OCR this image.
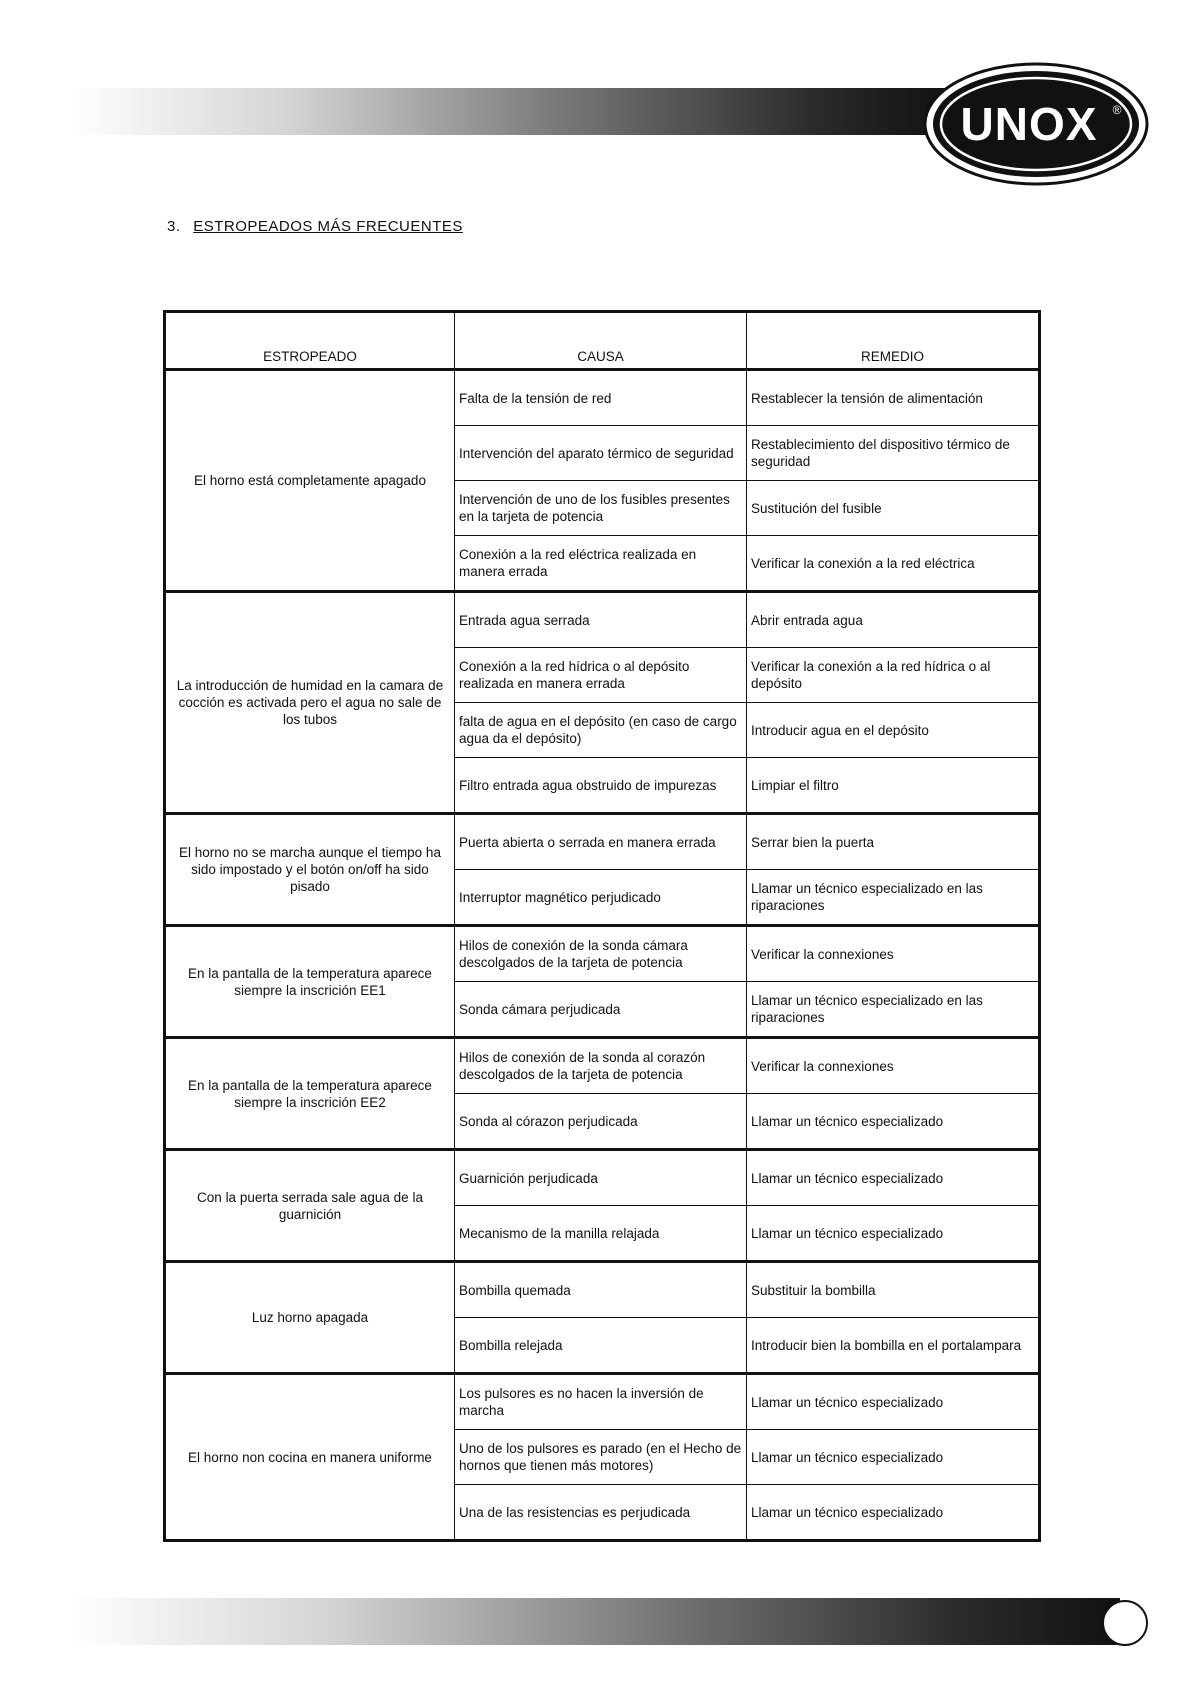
UNOX ®
3. ESTROPEADOS MÁS FRECUENTES
ESTROPEADO	CAUSA	REMEDIO
El horno está completamente apagado	Falta de la tensión de red	Restablecer la tensión de alimentación
	Intervención del aparato térmico de seguridad	Restablecimiento del dispositivo térmico de seguridad
	Intervención de uno de los fusibles presentes en la tarjeta de potencia	Sustitución del fusible
	Conexión a la red eléctrica realizada en manera errada	Verificar la conexión a la red eléctrica
La introducción de humidad en la camara de cocción es activada pero el agua no sale de los tubos	Entrada agua serrada	Abrir entrada agua
	Conexión a la red hídrica o al depósito realizada en manera errada	Verificar la conexión a la red hídrica o al depósito
	falta de agua en el depósito (en caso de cargo agua da el depósito)	Introducir agua en el depósito
	Filtro entrada agua obstruido de impurezas	Limpiar el filtro
El horno no se marcha aunque el tiempo ha sido impostado y el botón on/off ha sido pisado	Puerta abierta o serrada en manera errada	Serrar bien la puerta
	Interruptor magnético perjudicado	Llamar un técnico especializado en las riparaciones
En la pantalla de la temperatura aparece siempre la inscrición EE1	Hilos de conexión de la sonda cámara descolgados de la tarjeta de potencia	Verificar la connexiones
	Sonda cámara perjudicada	Llamar un técnico especializado en las riparaciones
En la pantalla de la temperatura aparece siempre la inscrición EE2	Hilos de conexión de la sonda al corazón descolgados de la tarjeta de potencia	Verificar la connexiones
	Sonda al córazon perjudicada	Llamar un técnico especializado
Con la puerta serrada sale agua de la guarnición	Guarnición perjudicada	Llamar un técnico especializado
	Mecanismo de la manilla relajada	Llamar un técnico especializado
Luz horno apagada	Bombilla quemada	Substituir la bombilla
	Bombilla relejada	Introducir bien la bombilla en el portalampara
El horno non cocina en manera uniforme	Los pulsores es no hacen la inversión de marcha	Llamar un técnico especializado
	Uno de los pulsores es parado (en el Hecho de hornos que tienen más motores)	Llamar un técnico especializado
	Una de las resistencias es perjudicada	Llamar un técnico especializado
